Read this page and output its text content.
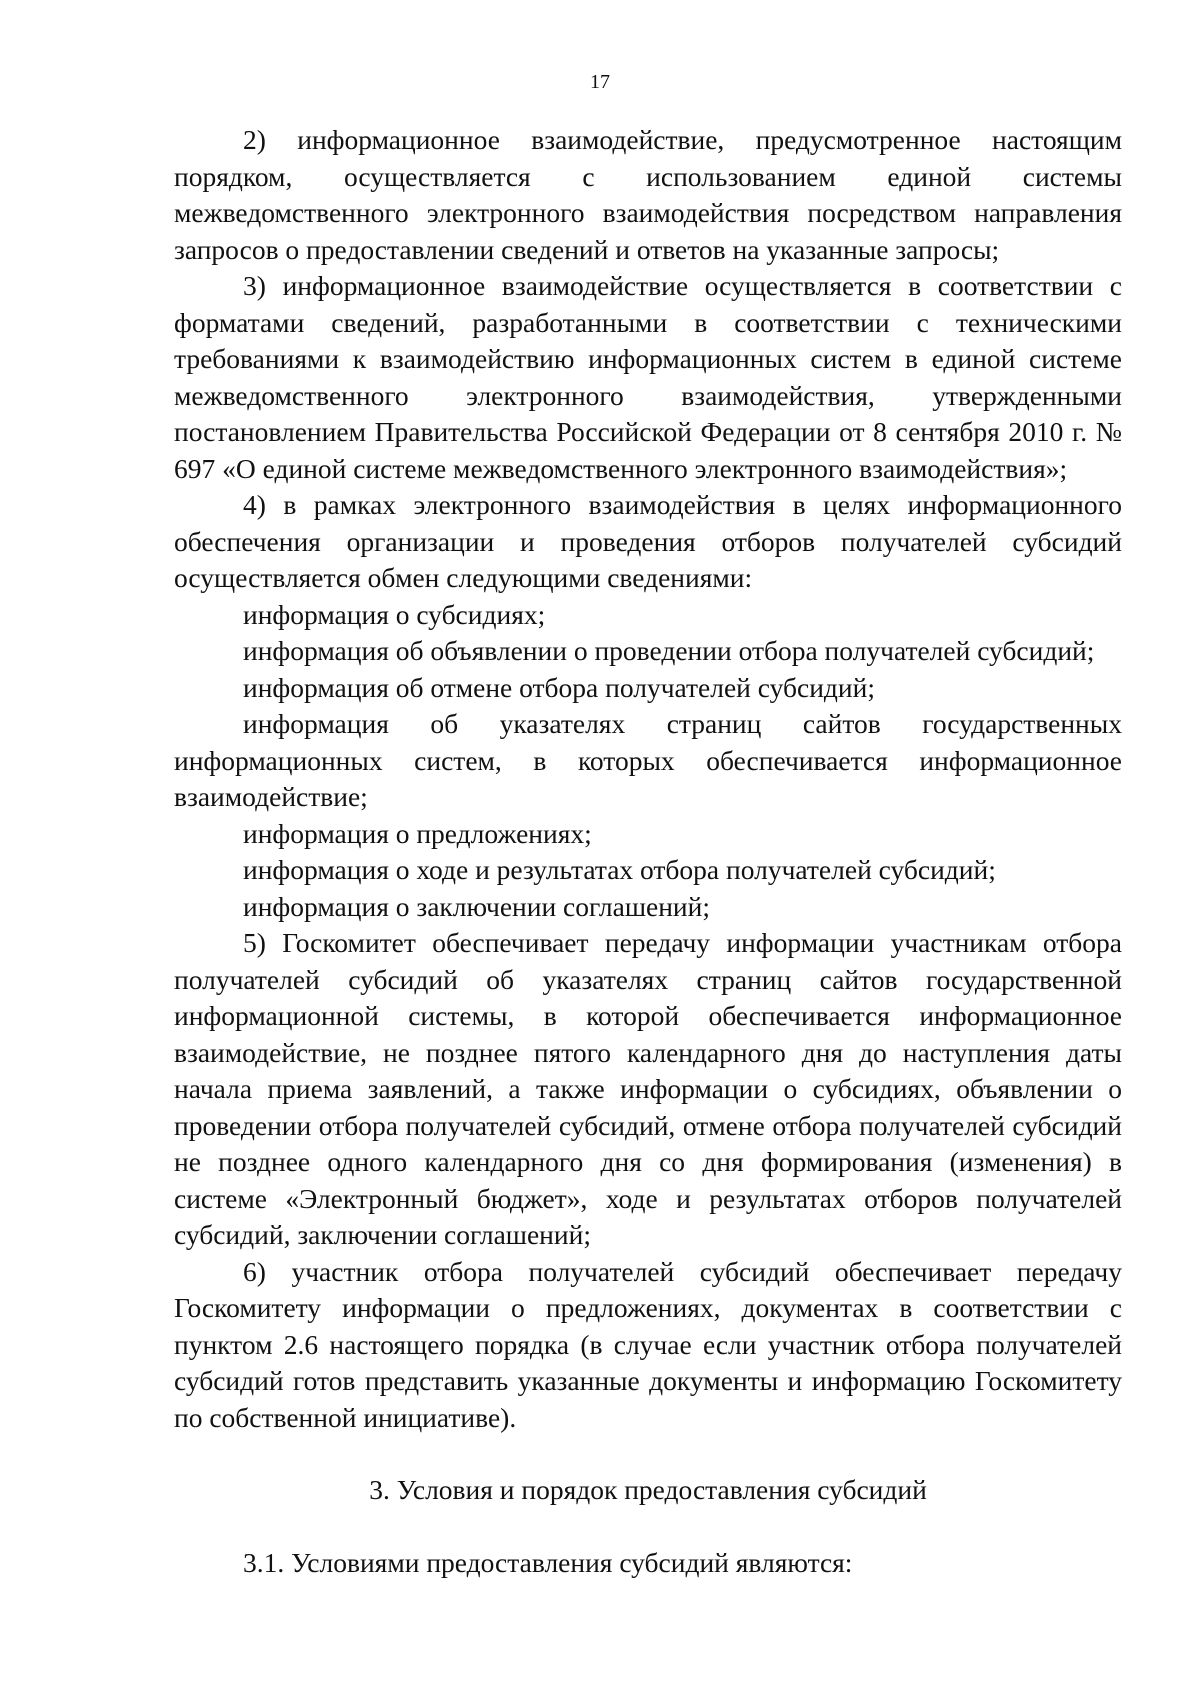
17

2) информационное взаимодействие, предусмотренное настоящим порядком, осуществляется с использованием единой системы межведомственного электронного взаимодействия посредством направления запросов о предоставлении сведений и ответов на указанные запросы;

3) информационное взаимодействие осуществляется в соответствии с форматами сведений, разработанными в соответствии с техническими требованиями к взаимодействию информационных систем в единой системе межведомственного электронного взаимодействия, утвержденными постановлением Правительства Российской Федерации от 8 сентября 2010 г. № 697 «О единой системе межведомственного электронного взаимодействия»;

4) в рамках электронного взаимодействия в целях информационного обеспечения организации и проведения отборов получателей субсидий осуществляется обмен следующими сведениями:

информация о субсидиях;

информация об объявлении о проведении отбора получателей субсидий;

информация об отмене отбора получателей субсидий;

информация об указателях страниц сайтов государственных информационных систем, в которых обеспечивается информационное взаимодействие;

информация о предложениях;

информация о ходе и результатах отбора получателей субсидий;

информация о заключении соглашений;

5) Госкомитет обеспечивает передачу информации участникам отбора получателей субсидий об указателях страниц сайтов государственной информационной системы, в которой обеспечивается информационное взаимодействие, не позднее пятого календарного дня до наступления даты начала приема заявлений, а также информации о субсидиях, объявлении о проведении отбора получателей субсидий, отмене отбора получателей субсидий не позднее одного календарного дня со дня формирования (изменения) в системе «Электронный бюджет», ходе и результатах отборов получателей субсидий, заключении соглашений;

6) участник отбора получателей субсидий обеспечивает передачу Госкомитету информации о предложениях, документах в соответствии с пунктом 2.6 настоящего порядка (в случае если участник отбора получателей субсидий готов представить указанные документы и информацию Госкомитету по собственной инициативе).

3. Условия и порядок предоставления субсидий

3.1. Условиями предоставления субсидий являются:
